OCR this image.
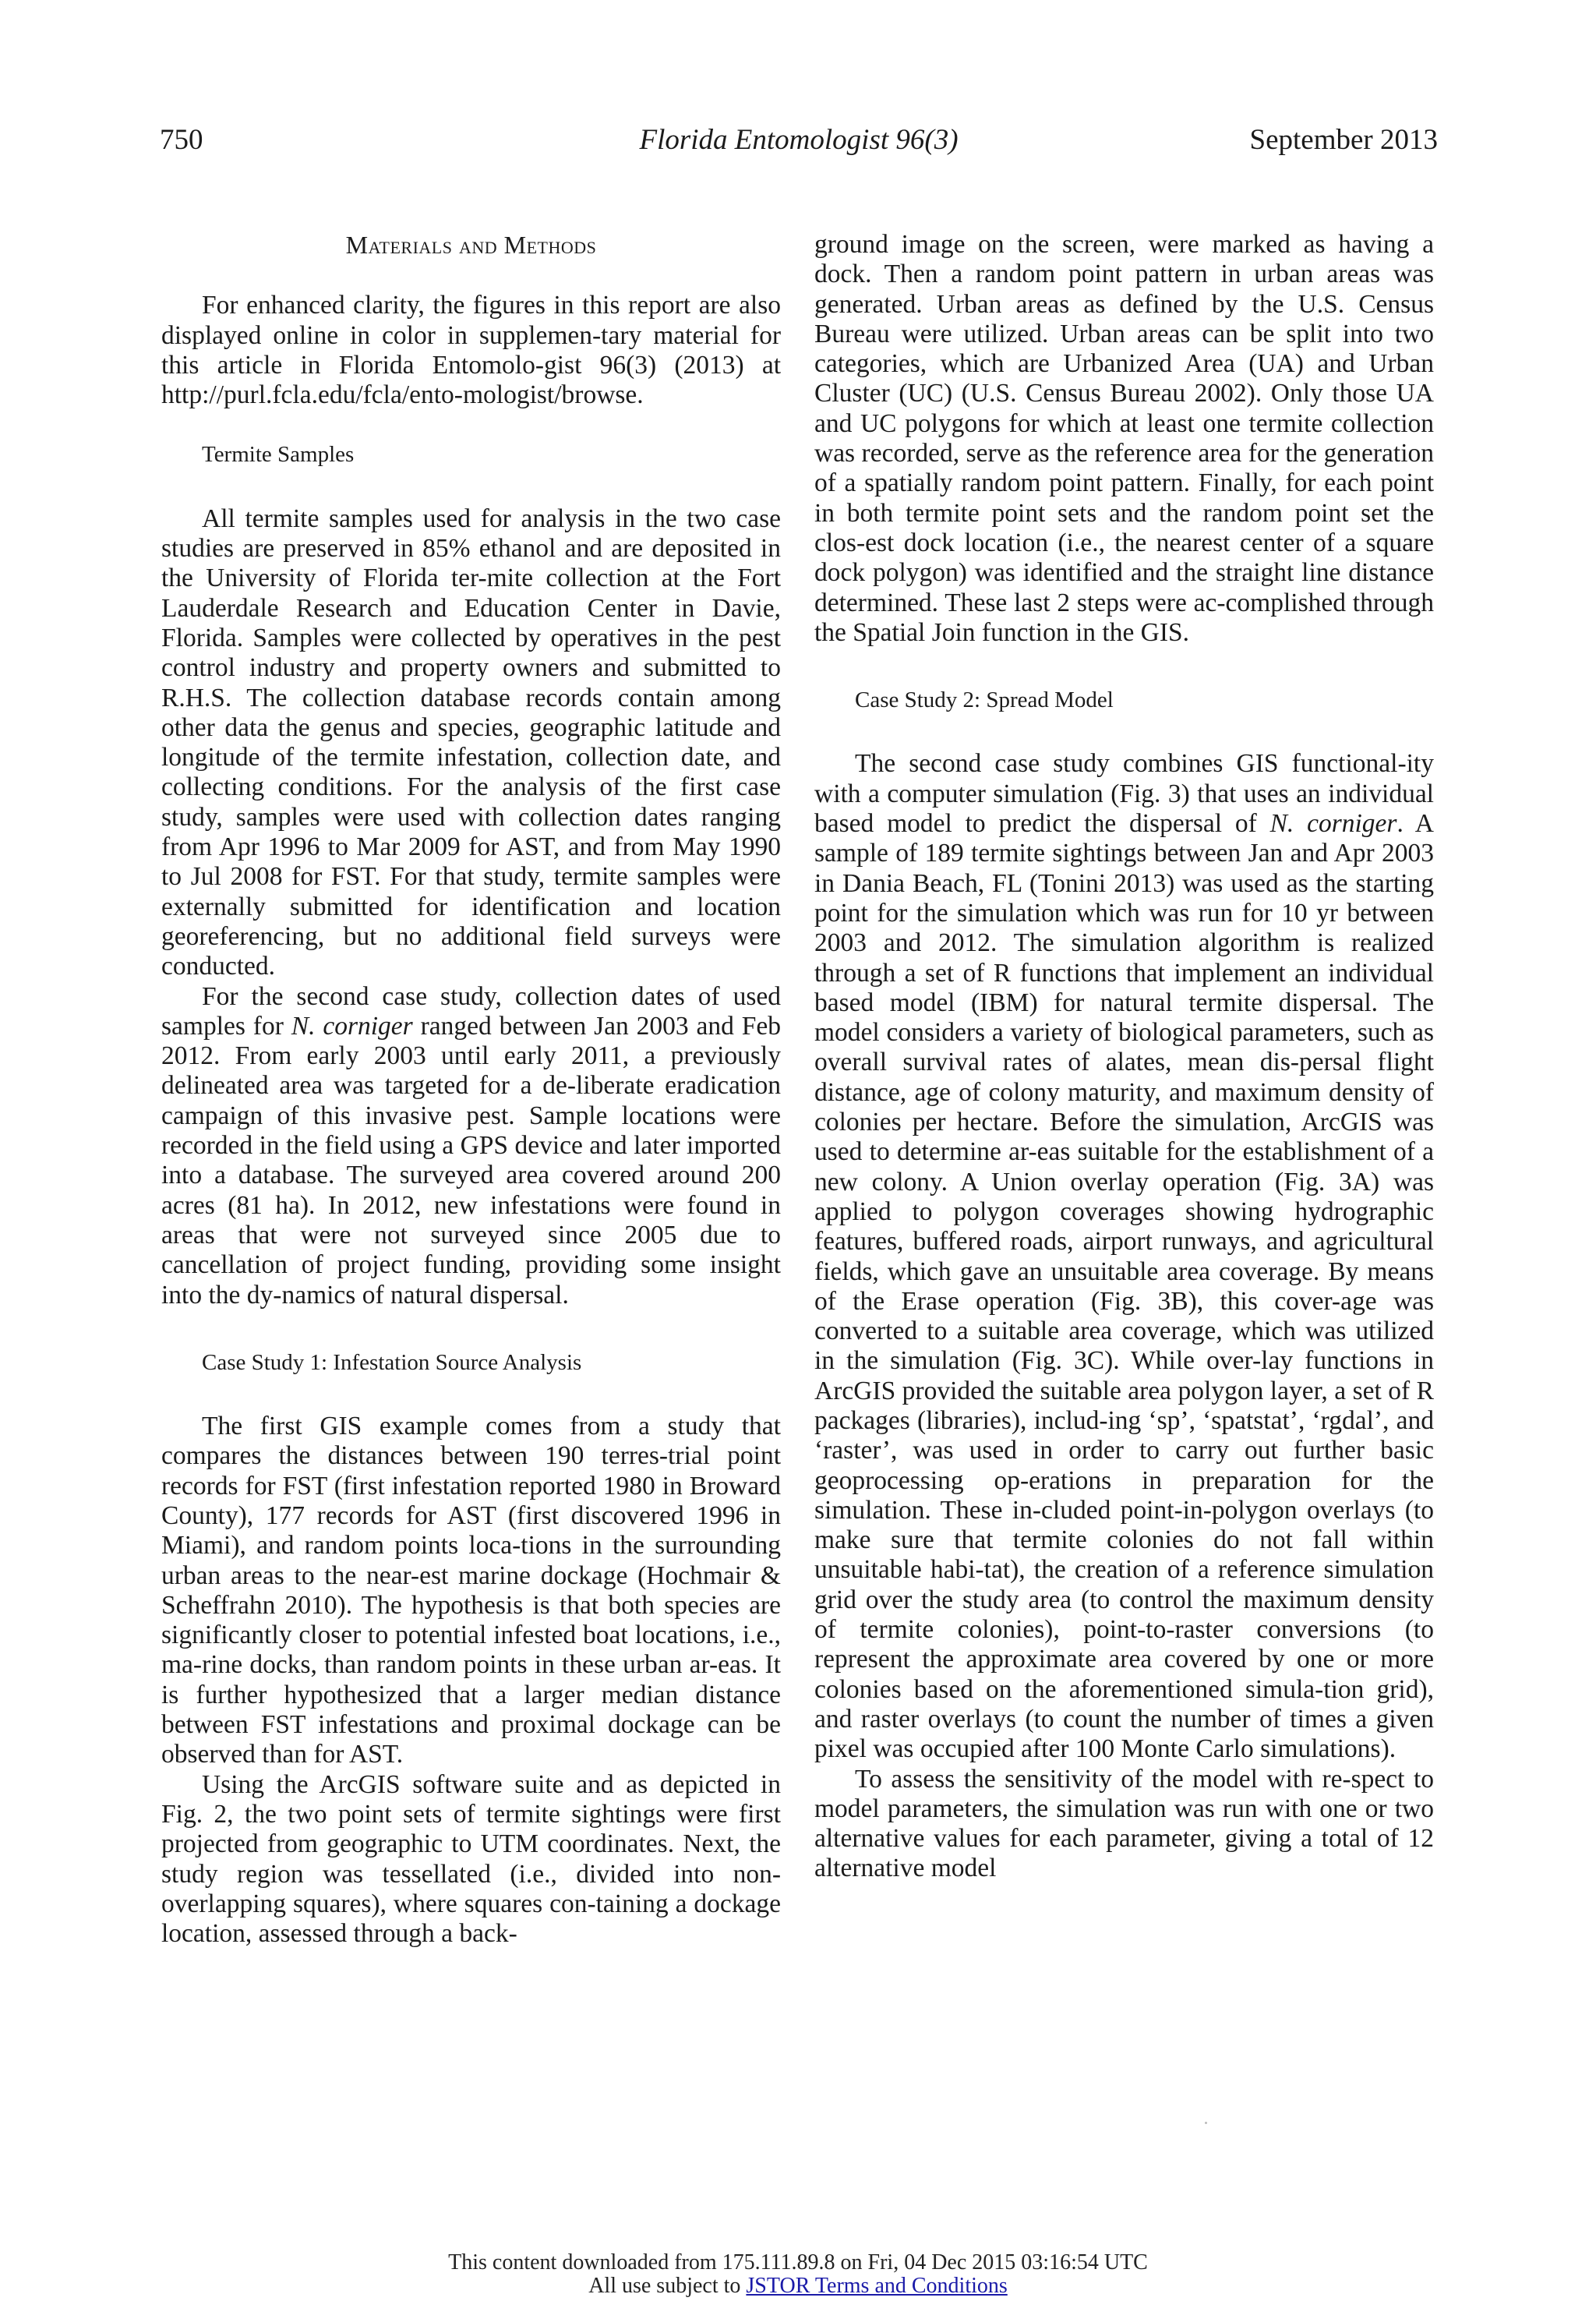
750	Florida Entomologist 96(3)	September 2013
Materials and Methods

For enhanced clarity, the figures in this report are also displayed online in color in supplemen-tary material for this article in Florida Entomolo-gist 96(3) (2013) at http://purl.fcla.edu/fcla/ento-mologist/browse.

Termite Samples

All termite samples used for analysis in the two case studies are preserved in 85% ethanol and are deposited in the University of Florida ter-mite collection at the Fort Lauderdale Research and Education Center in Davie, Florida. Samples were collected by operatives in the pest control industry and property owners and submitted to R.H.S. The collection database records contain among other data the genus and species, geographic latitude and longitude of the termite infestation, collection date, and collecting conditions. For the analysis of the first case study, samples were used with collection dates ranging from Apr 1996 to Mar 2009 for AST, and from May 1990 to Jul 2008 for FST. For that study, termite samples were externally submitted for identification and location georeferencing, but no additional field surveys were conducted.

For the second case study, collection dates of used samples for N. corniger ranged between Jan 2003 and Feb 2012. From early 2003 until early 2011, a previously delineated area was targeted for a de-liberate eradication campaign of this invasive pest. Sample locations were recorded in the field using a GPS device and later imported into a database. The surveyed area covered around 200 acres (81 ha). In 2012, new infestations were found in areas that were not surveyed since 2005 due to cancellation of project funding, providing some insight into the dy-namics of natural dispersal.

Case Study 1: Infestation Source Analysis

The first GIS example comes from a study that compares the distances between 190 terres-trial point records for FST (first infestation reported 1980 in Broward County), 177 records for AST (first discovered 1996 in Miami), and random points loca-tions in the surrounding urban areas to the near-est marine dockage (Hochmair & Scheffrahn 2010). The hypothesis is that both species are significantly closer to potential infested boat locations, i.e., ma-rine docks, than random points in these urban ar-eas. It is further hypothesized that a larger median distance between FST infestations and proximal dockage can be observed than for AST.

Using the ArcGIS software suite and as depicted in Fig. 2, the two point sets of termite sightings were first projected from geographic to UTM coordinates. Next, the study region was tessellated (i.e., divided into non-overlapping squares), where squares con-taining a dockage location, assessed through a back-

ground image on the screen, were marked as having a dock. Then a random point pattern in urban areas was generated. Urban areas as defined by the U.S. Census Bureau were utilized. Urban areas can be split into two categories, which are Urbanized Area (UA) and Urban Cluster (UC) (U.S. Census Bureau 2002). Only those UA and UC polygons for which at least one termite collection was recorded, serve as the reference area for the generation of a spatially random point pattern. Finally, for each point in both termite point sets and the random point set the clos-est dock location (i.e., the nearest center of a square dock polygon) was identified and the straight line distance determined. These last 2 steps were ac-complished through the Spatial Join function in the GIS.

Case Study 2: Spread Model

The second case study combines GIS functional-ity with a computer simulation (Fig. 3) that uses an individual based model to predict the dispersal of N. corniger. A sample of 189 termite sightings between Jan and Apr 2003 in Dania Beach, FL (Tonini 2013) was used as the starting point for the simulation which was run for 10 yr between 2003 and 2012. The simulation algorithm is realized through a set of R functions that implement an individual based model (IBM) for natural termite dispersal. The model considers a variety of biological parameters, such as overall survival rates of alates, mean dis-persal flight distance, age of colony maturity, and maximum density of colonies per hectare. Before the simulation, ArcGIS was used to determine ar-eas suitable for the establishment of a new colony. A Union overlay operation (Fig. 3A) was applied to polygon coverages showing hydrographic features, buffered roads, airport runways, and agricultural fields, which gave an unsuitable area coverage. By means of the Erase operation (Fig. 3B), this cover-age was converted to a suitable area coverage, which was utilized in the simulation (Fig. 3C). While over-lay functions in ArcGIS provided the suitable area polygon layer, a set of R packages (libraries), includ-ing ‘sp’, ‘spatstat’, ‘rgdal’, and ‘raster’, was used in order to carry out further basic geoprocessing op-erations in preparation for the simulation. These in-cluded point-in-polygon overlays (to make sure that termite colonies do not fall within unsuitable habi-tat), the creation of a reference simulation grid over the study area (to control the maximum density of termite colonies), point-to-raster conversions (to represent the approximate area covered by one or more colonies based on the aforementioned simula-tion grid), and raster overlays (to count the number of times a given pixel was occupied after 100 Monte Carlo simulations).

To assess the sensitivity of the model with re-spect to model parameters, the simulation was run with one or two alternative values for each parameter, giving a total of 12 alternative model

This content downloaded from 175.111.89.8 on Fri, 04 Dec 2015 03:16:54 UTC
All use subject to JSTOR Terms and Conditions
